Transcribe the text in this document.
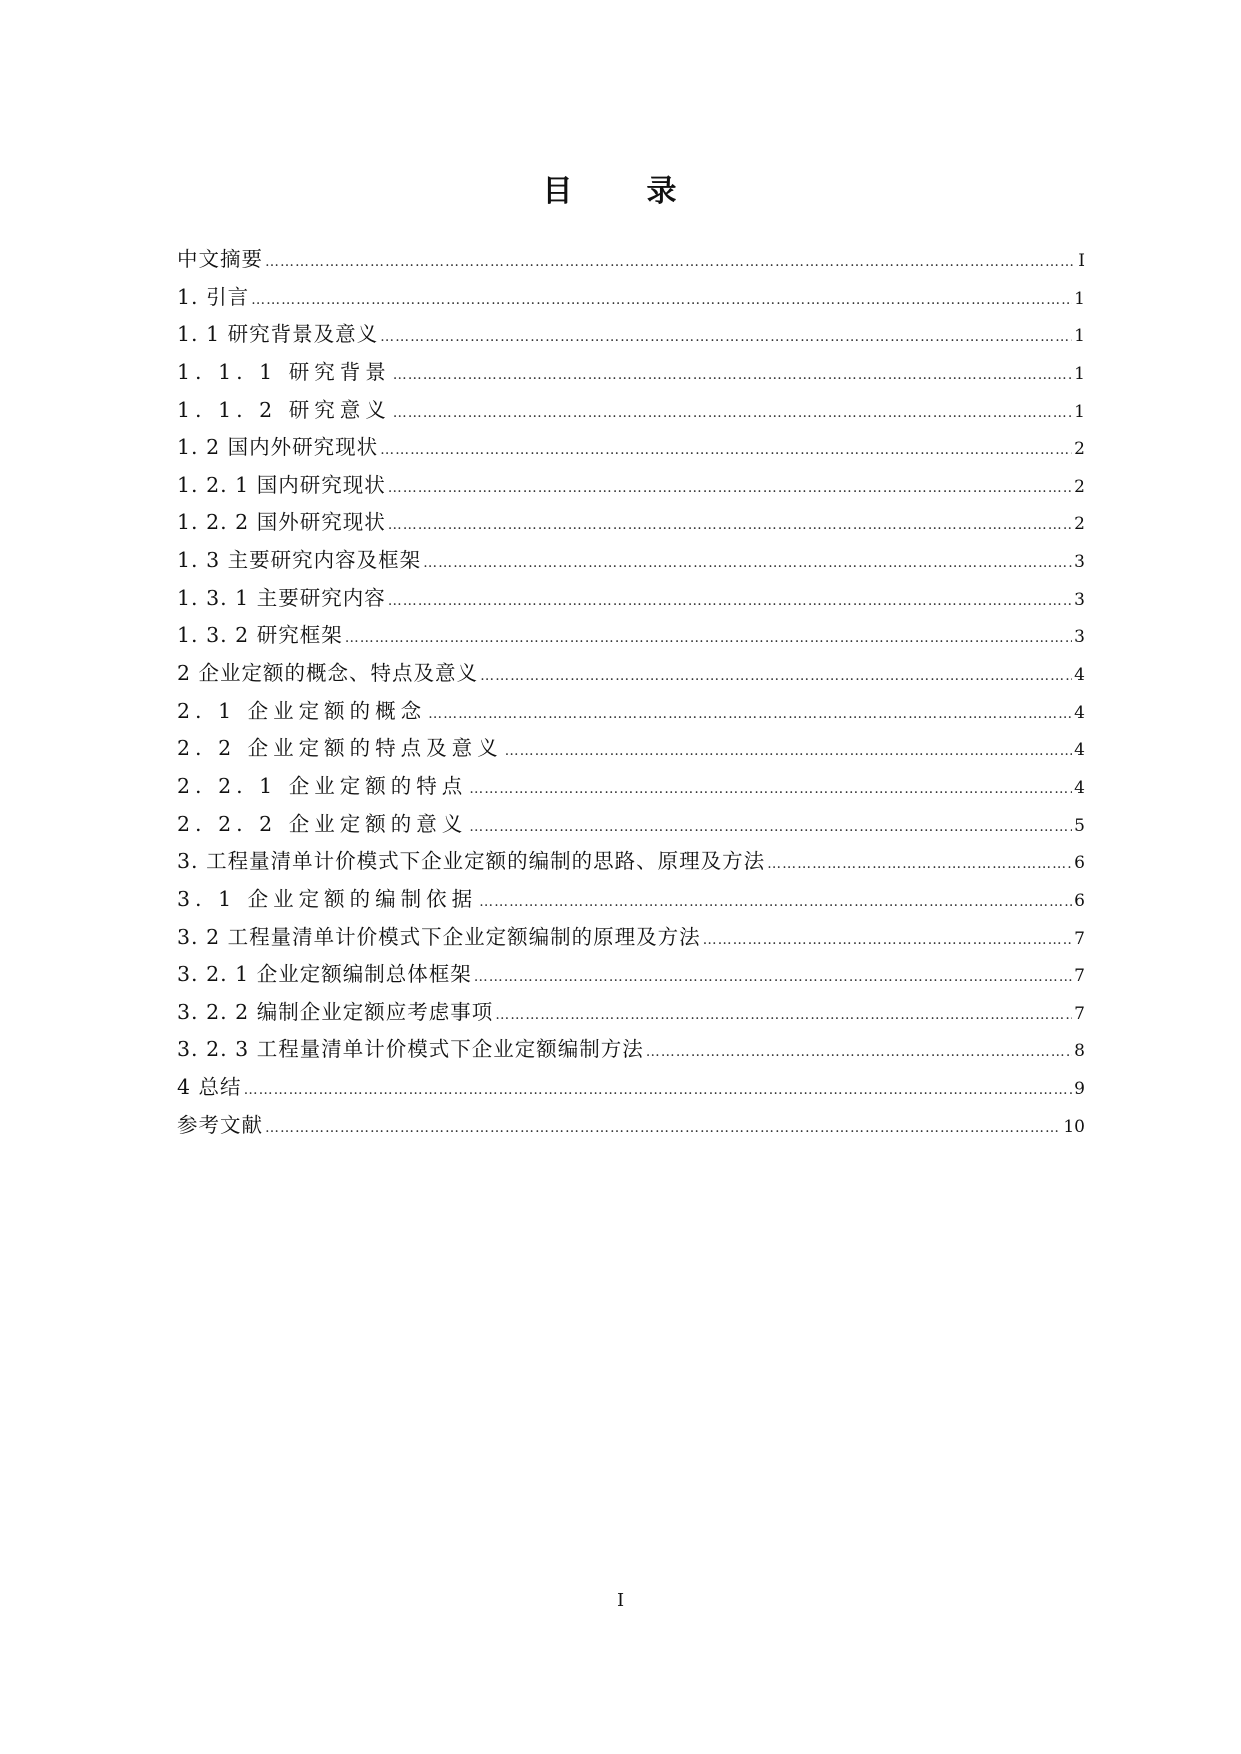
目　录
中文摘要 …………………………………………………………………………………………………………………………………………………………………………………………………………………	I
1. 引言 …………………………………………………………………………………………………………………………………………………………………………………………………………………	1
1. 1 研究背景及意义 …………………………………………………………………………………………………………………………………………………………………………………………………………………	1
1. 1. 1 研究背景 …………………………………………………………………………………………………………………………………………………………………………………………………………………	1
1. 1. 2 研究意义 …………………………………………………………………………………………………………………………………………………………………………………………………………………	1
1. 2 国内外研究现状 …………………………………………………………………………………………………………………………………………………………………………………………………………………	2
1. 2. 1 国内研究现状 …………………………………………………………………………………………………………………………………………………………………………………………………………………	2
1. 2. 2 国外研究现状 …………………………………………………………………………………………………………………………………………………………………………………………………………………	2
1. 3 主要研究内容及框架 …………………………………………………………………………………………………………………………………………………………………………………………………………………	3
1. 3. 1 主要研究内容 …………………………………………………………………………………………………………………………………………………………………………………………………………………	3
1. 3. 2 研究框架 …………………………………………………………………………………………………………………………………………………………………………………………………………………	3
2 企业定额的概念、特点及意义 …………………………………………………………………………………………………………………………………………………………………………………………………………………	4
2. 1 企业定额的概念 …………………………………………………………………………………………………………………………………………………………………………………………………………………	4
2. 2 企业定额的特点及意义 …………………………………………………………………………………………………………………………………………………………………………………………………………………	4
2. 2. 1 企业定额的特点 …………………………………………………………………………………………………………………………………………………………………………………………………………………	4
2. 2. 2 企业定额的意义 …………………………………………………………………………………………………………………………………………………………………………………………………………………	5
3. 工程量清单计价模式下企业定额的编制的思路、原理及方法 …………………………………………………………………………………………………………………………………………………………………………………………………………………	6
3. 1 企业定额的编制依据 …………………………………………………………………………………………………………………………………………………………………………………………………………………	6
3. 2 工程量清单计价模式下企业定额编制的原理及方法 …………………………………………………………………………………………………………………………………………………………………………………………………………………	7
3. 2. 1 企业定额编制总体框架 …………………………………………………………………………………………………………………………………………………………………………………………………………………	7
3. 2. 2 编制企业定额应考虑事项 …………………………………………………………………………………………………………………………………………………………………………………………………………………	7
3. 2. 3 工程量清单计价模式下企业定额编制方法 …………………………………………………………………………………………………………………………………………………………………………………………………………………	8
4 总结 …………………………………………………………………………………………………………………………………………………………………………………………………………………	9
参考文献 …………………………………………………………………………………………………………………………………………………………………………………………………………………	10
I
